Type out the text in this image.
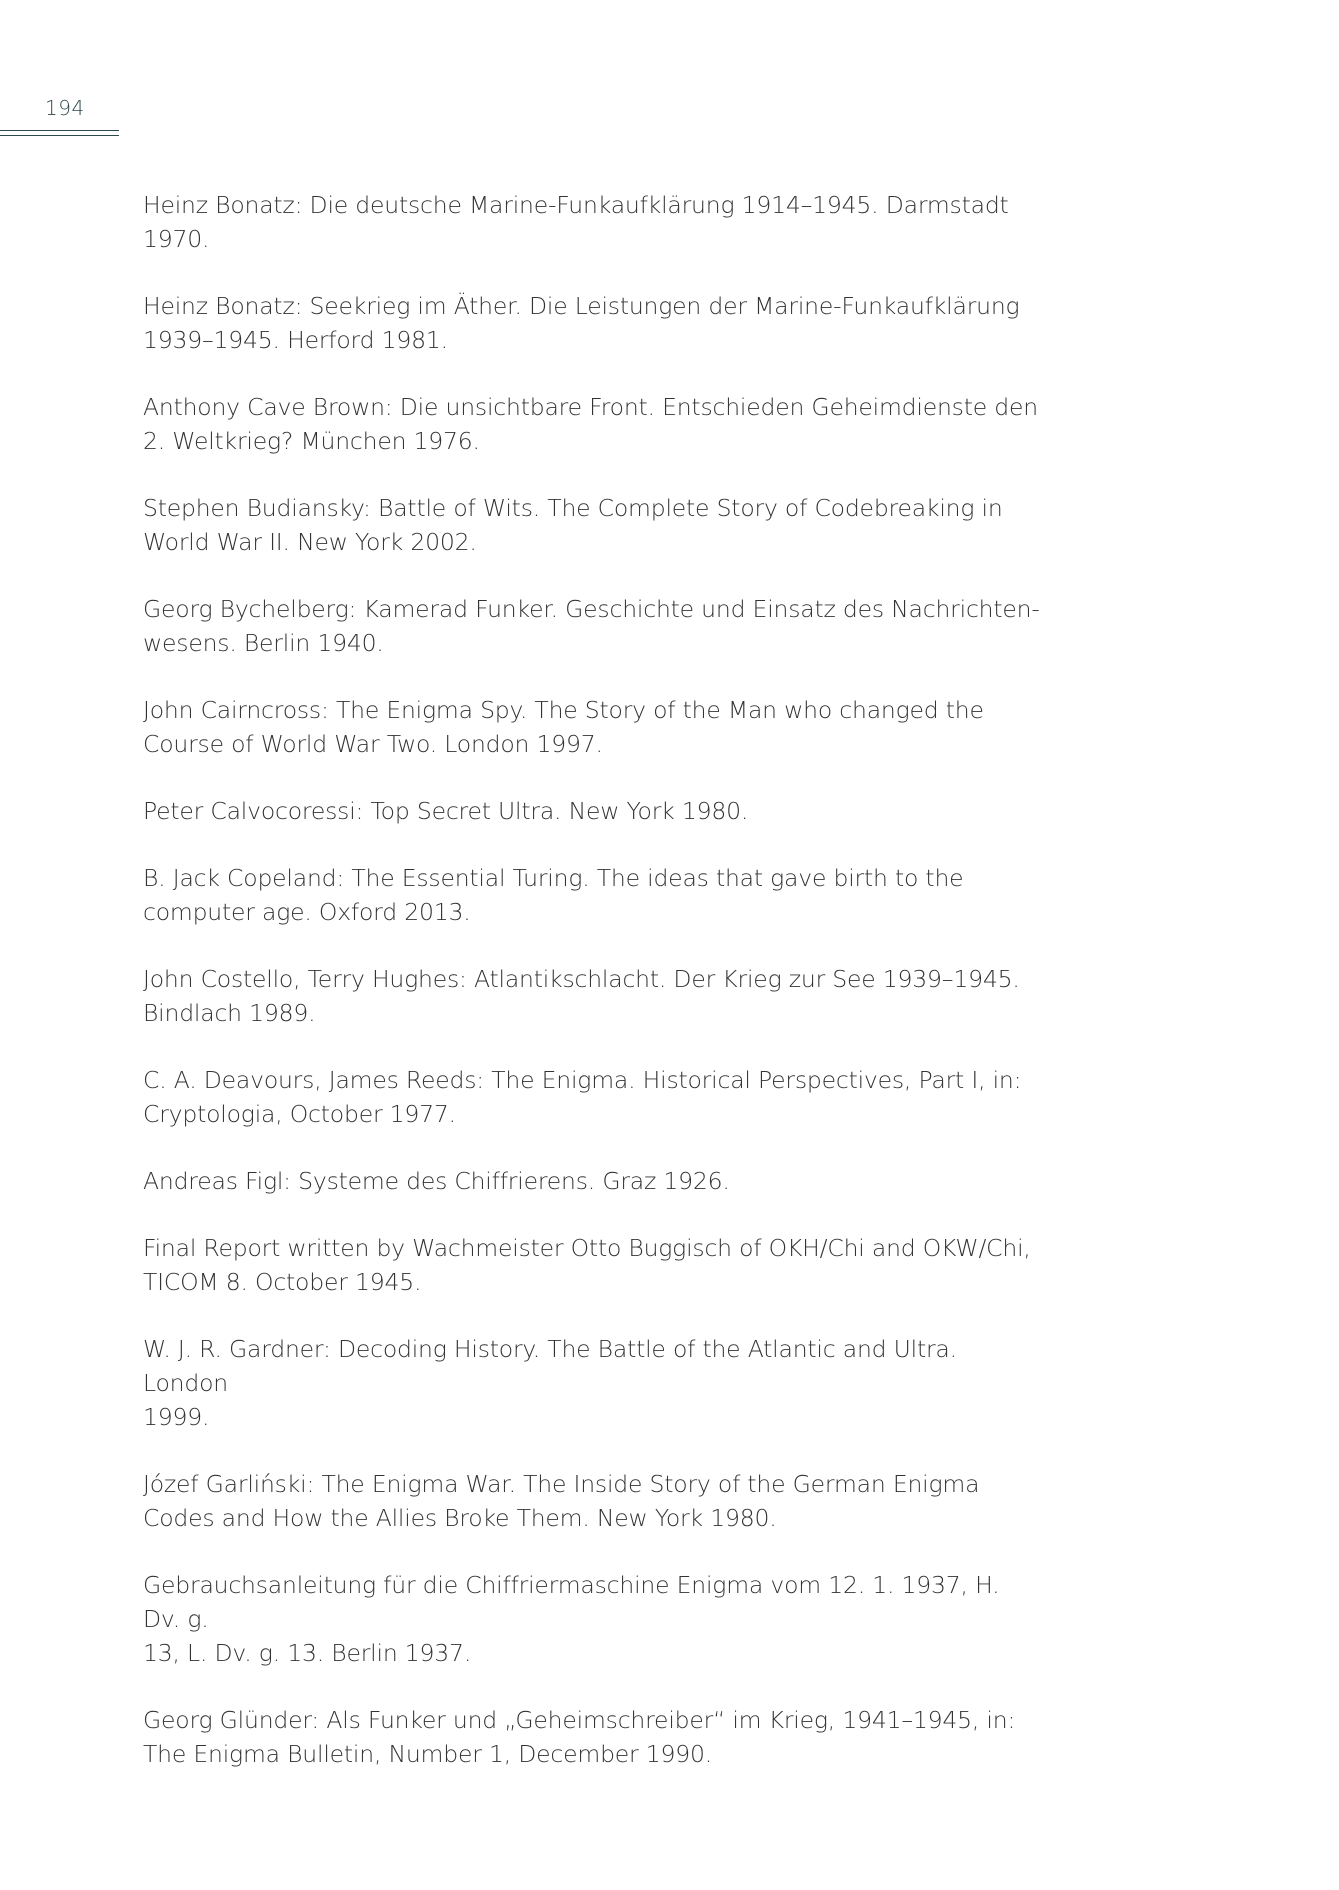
194
Heinz Bonatz: Die deutsche Marine-Funkaufklärung 1914–1945. Darmstadt
1970.
Heinz Bonatz: Seekrieg im Äther. Die Leistungen der Marine-Funkaufklärung
1939–1945. Herford 1981.
Anthony Cave Brown: Die unsichtbare Front. Entschieden Geheimdienste den
2. Weltkrieg? München 1976.
Stephen Budiansky: Battle of Wits. The Complete Story of Codebreaking in
World War II. New York 2002.
Georg Bychelberg: Kamerad Funker. Geschichte und Einsatz des Nachrichten-
wesens. Berlin 1940.
John Cairncross: The Enigma Spy. The Story of the Man who changed the
Course of World War Two. London 1997.
Peter Calvocoressi: Top Secret Ultra. New York 1980.
B. Jack Copeland: The Essential Turing. The ideas that gave birth to the
computer age. Oxford 2013.
John Costello, Terry Hughes: Atlantikschlacht. Der Krieg zur See 1939–1945.
Bindlach 1989.
C. A. Deavours, James Reeds: The Enigma. Historical Perspectives, Part I, in:
Cryptologia, October 1977.
Andreas Figl: Systeme des Chiffrierens. Graz 1926.
Final Report written by Wachmeister Otto Buggisch of OKH/Chi and OKW/Chi,
TICOM 8. October 1945.
W. J. R. Gardner: Decoding History. The Battle of the Atlantic and Ultra. London
1999.
Józef Garliński: The Enigma War. The Inside Story of the German Enigma
Codes and How the Allies Broke Them. New York 1980.
Gebrauchsanleitung für die Chiffriermaschine Enigma vom 12. 1. 1937, H. Dv. g.
13, L. Dv. g. 13. Berlin 1937.
Georg Glünder: Als Funker und „Geheimschreiber“ im Krieg, 1941–1945, in:
The Enigma Bulletin, Number 1, December 1990.
